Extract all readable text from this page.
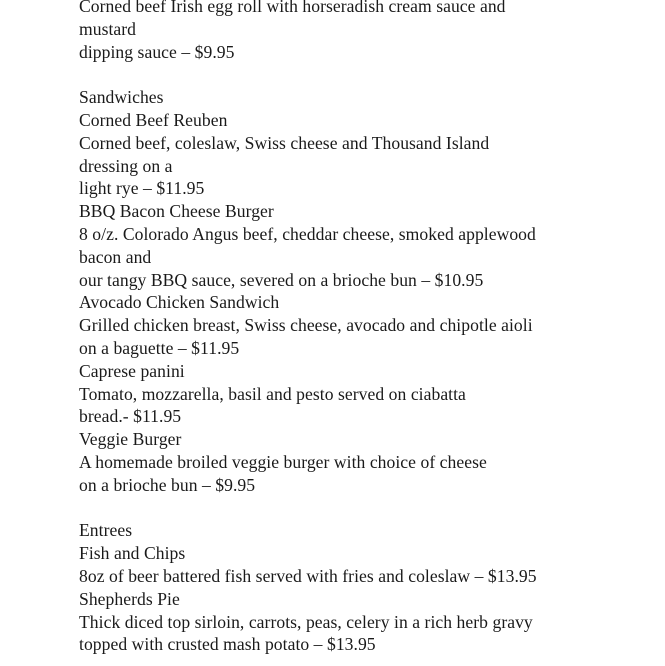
Corned beef Irish egg roll with horseradish cream sauce and
mustard
dipping sauce – $9.95
Sandwiches
Corned Beef Reuben
Corned beef, coleslaw, Swiss cheese and Thousand Island
dressing on a
light rye – $11.95
BBQ Bacon Cheese Burger
8 o/z. Colorado Angus beef, cheddar cheese, smoked applewood
bacon and
our tangy BBQ sauce, severed on a brioche bun – $10.95
Avocado Chicken Sandwich
Grilled chicken breast, Swiss cheese, avocado and chipotle aioli
on a baguette – $11.95
Caprese panini
Tomato, mozzarella, basil and pesto served on ciabatta
bread.- $11.95
Veggie Burger
A homemade broiled veggie burger with choice of cheese
on a brioche bun – $9.95
Entrees
Fish and Chips
8oz of beer battered fish served with fries and coleslaw – $13.95
Shepherds Pie
Thick diced top sirloin, carrots, peas, celery in a rich herb gravy
topped with crusted mash potato – $13.95
